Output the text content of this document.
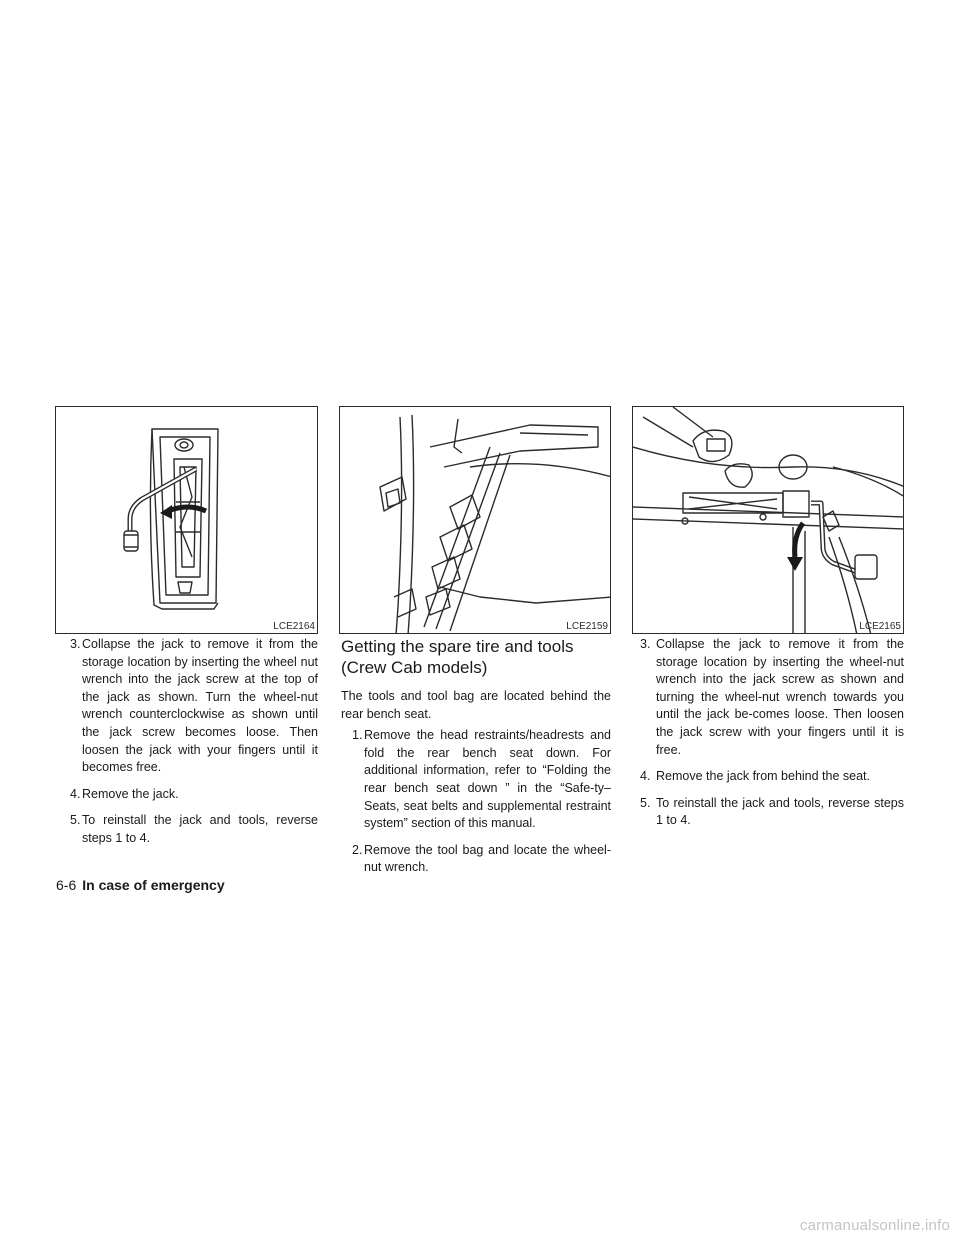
LCE2164	LCE2159	LCE2165
3. Collapse the jack to remove it from the storage location by inserting the wheel nut wrench into the jack screw at the top of the jack as shown. Turn the wheel-nut wrench counterclockwise as shown until the jack screw becomes loose. Then loosen the jack with your fingers until it becomes free.
4. Remove the jack.
5. To reinstall the jack and tools, reverse steps 1 to 4.
Getting the spare tire and tools (Crew Cab models)

The tools and tool bag are located behind the rear bench seat.

1. Remove the head restraints/headrests and fold the rear bench seat down. For additional information, refer to “Folding the rear bench seat down ” in the “Safe-ty–Seats, seat belts and supplemental restraint system” section of this manual.
2. Remove the tool bag and locate the wheel-nut wrench.
3. Collapse the jack to remove it from the storage location by inserting the wheel-nut wrench into the jack screw as shown and turning the wheel-nut wrench towards you until the jack be-comes loose. Then loosen the jack screw with your fingers until it is free.
4. Remove the jack from behind the seat.
5. To reinstall the jack and tools, reverse steps 1 to 4.
6-6 In case of emergency
carmanualsonline.info
